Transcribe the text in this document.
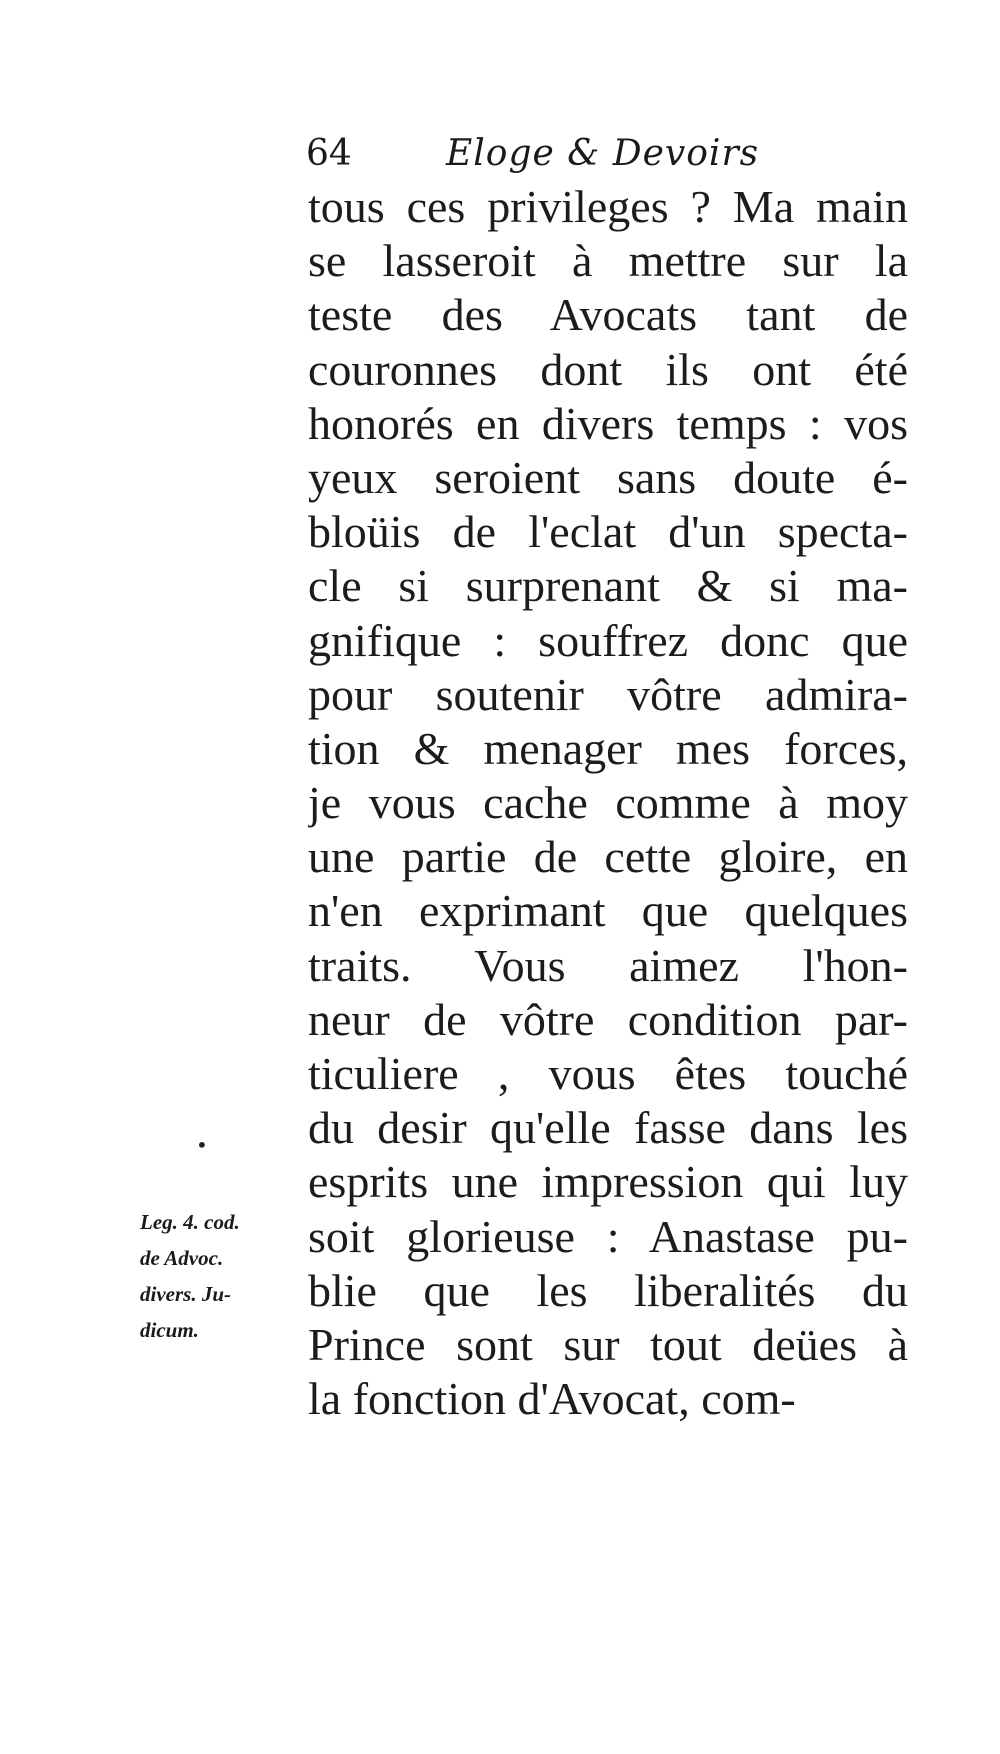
64	Eloge & Devoirs
tous ces privileges ? Ma main
se lasseroit à mettre sur la
teste des Avocats tant de
couronnes dont ils ont été
honorés en divers temps : vos
yeux seroient sans doute é-
bloüis de l'eclat d'un specta-
cle si surprenant & si ma-
gnifique : souffrez donc que
pour soutenir vôtre admira-
tion & menager mes forces,
je vous cache comme à moy
une partie de cette gloire, en
n'en exprimant que quelques
traits. Vous aimez l'hon-
neur de vôtre condition par-
ticuliere , vous êtes touché
du desir qu'elle fasse dans les
esprits une impression qui luy
soit glorieuse : Anastase pu-
blie que les liberalités du
Prince sont sur tout deües à
la fonction d'Avocat, com-
•
Leg. 4. cod.
de Advoc.
divers. Ju-
dicum.
